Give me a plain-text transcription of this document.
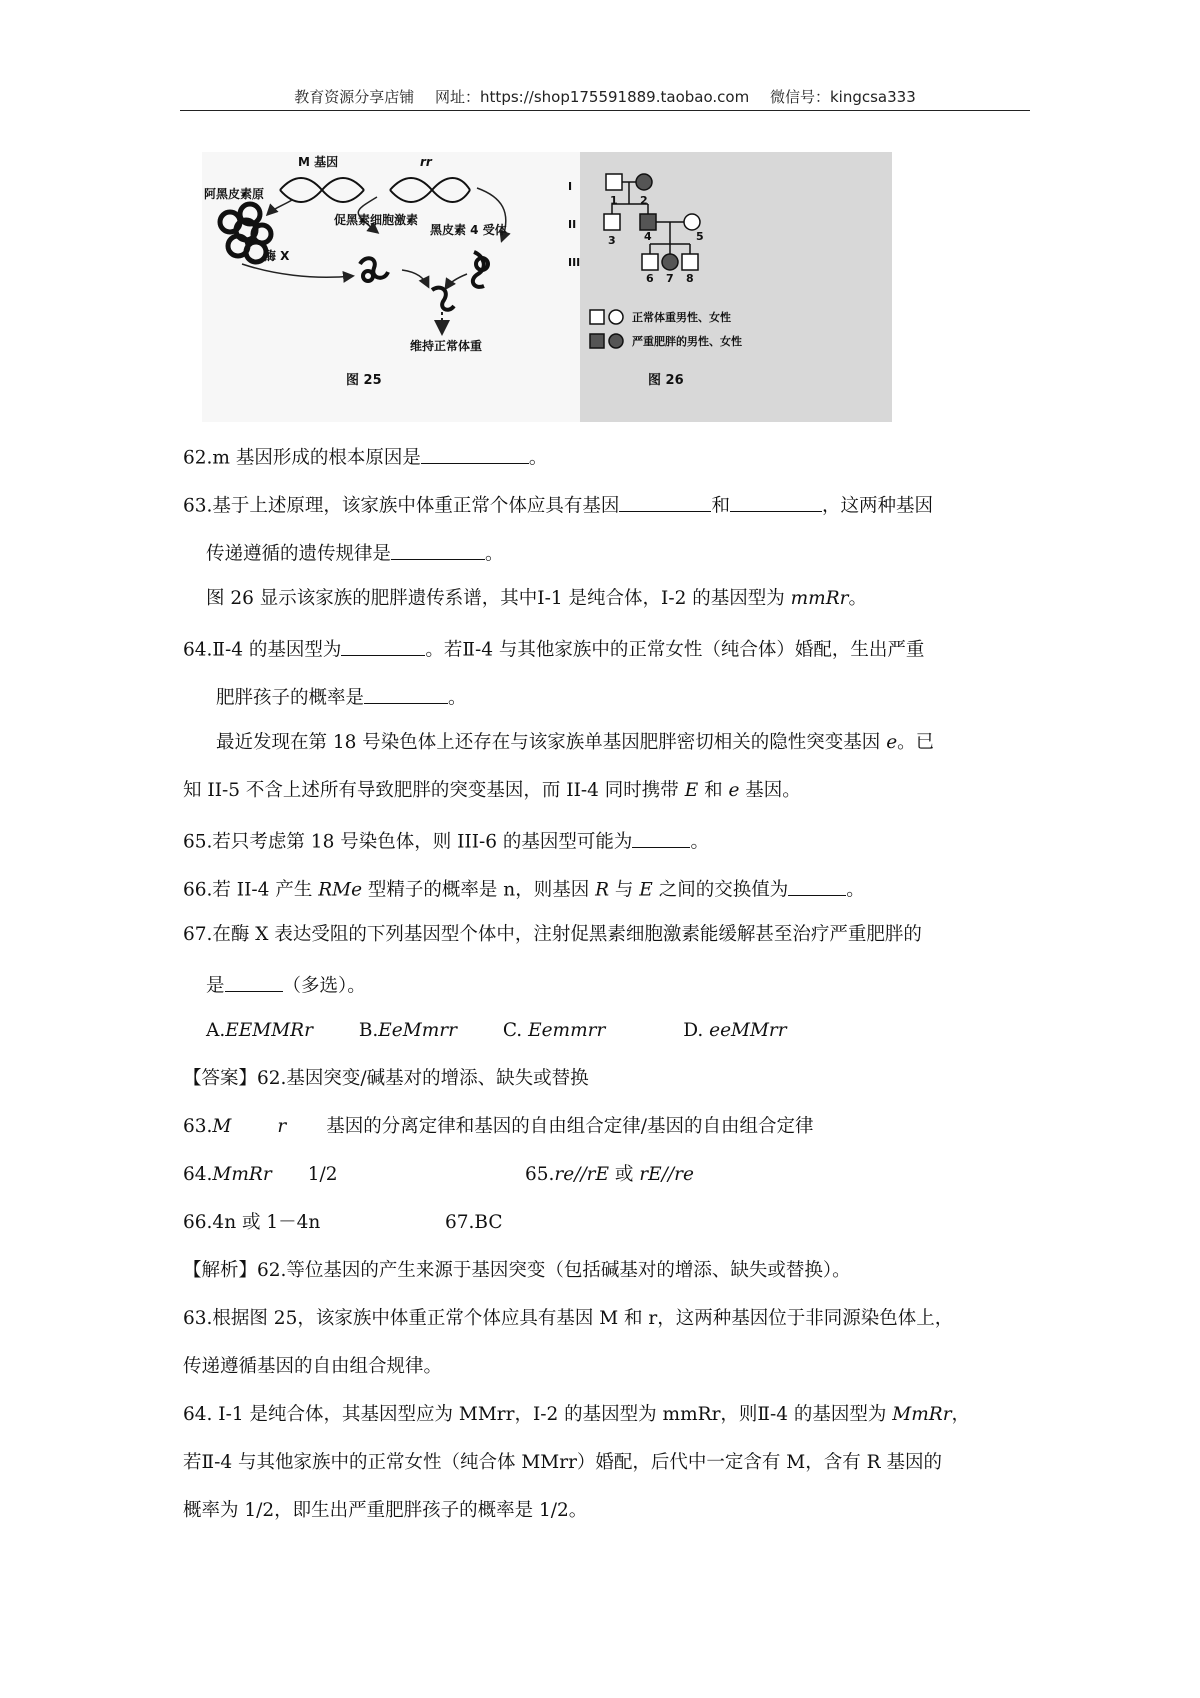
教育资源分享店铺 网址：https://shop175591889.taobao.com 微信号：kingcsa333
M 基因	rr
阿黑皮素原
促黑素细胞激素
黑皮素 4 受体
酶 X
维持正常体重
图 25
I
II
III
1 2
3	4	5
6 7 8
正常体重男性、女性
严重肥胖的男性、女性
图 26
62.m 基因形成的根本原因是	。
63.基于上述原理，该家族中体重正常个体应具有基因	和	，这两种基因
传递遵循的遗传规律是	。
图 26 显示该家族的肥胖遗传系谱，其中Ⅰ-1 是纯合体，Ⅰ-2 的基因型为 mmRr。
64.Ⅱ-4 的基因型为	。若Ⅱ-4 与其他家族中的正常女性（纯合体）婚配，生出严重
肥胖孩子的概率是	。
最近发现在第 18 号染色体上还存在与该家族单基因肥胖密切相关的隐性突变基因 e。已
知 II-5 不含上述所有导致肥胖的突变基因，而 II-4 同时携带 E 和 e 基因。
65.若只考虑第 18 号染色体，则 III-6 的基因型可能为	。
66.若 II-4 产生 RMe 型精子的概率是 n，则基因 R 与 E 之间的交换值为	。
67.在酶 X 表达受阻的下列基因型个体中，注射促黑素细胞激素能缓解甚至治疗严重肥胖的
是	（多选）。
A.EEMMRr B.EeMmrr C. Eemmrr	D. eeMMrr
【答案】62.基因突变/碱基对的增添、缺失或替换
63.M r 基因的分离定律和基因的自由组合定律/基因的自由组合定律
64.MmRr 1/2	65.re//rE 或 rE//re
66.4n 或 1－4n	67.BC
【解析】62.等位基因的产生来源于基因突变（包括碱基对的增添、缺失或替换）。
63.根据图 25，该家族中体重正常个体应具有基因 M 和 r，这两种基因位于非同源染色体上，
传递遵循基因的自由组合规律。
64. Ⅰ-1 是纯合体，其基因型应为 MMrr，Ⅰ-2 的基因型为 mmRr，则Ⅱ-4 的基因型为 MmRr，
若Ⅱ-4 与其他家族中的正常女性（纯合体 MMrr）婚配，后代中一定含有 M，含有 R 基因的
概率为 1/2，即生出严重肥胖孩子的概率是 1/2。
